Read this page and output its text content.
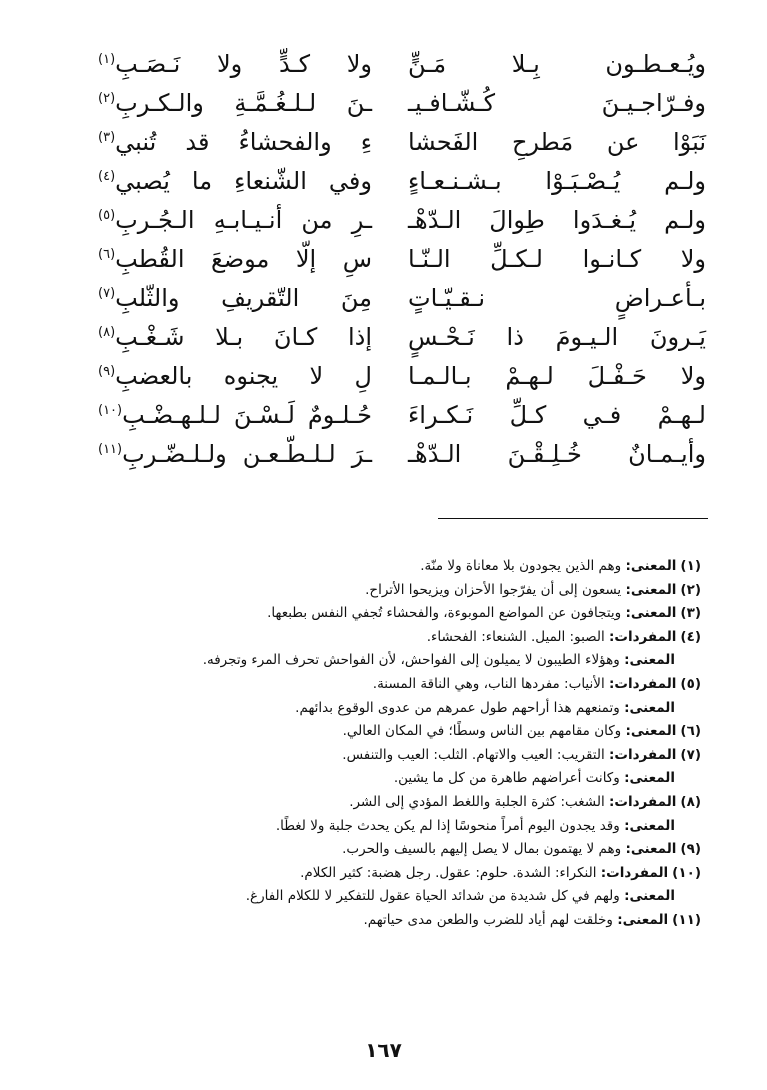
ويُـعـطـون بِـلا مَـنٍّ
ولا كـدٍّ ولا نَـصَـبِ$^{(١)}$
وفـرّاجـيـنَ كُـشّـافـيـ
ـنَ لـلـغُـمَّـةِ والـكـربِ$^{(٢)}$
نَبَوْا عن مَطرحِ الفَحشا
ءِ والفحشاءُ قد تُنبي$^{(٣)}$
ولـم يُـصْـبَـوْا بـشـنـعـاءٍ
وفي الشّنعاءِ ما يُصبي$^{(٤)}$
ولـم يُـغـدَوا طِوالَ الـدّهْـ
ـرِ من أنـيـابـهِ الـجُـربِ$^{(٥)}$
ولا كـانـوا لـكـلِّ الـنّـا
سِ إلّا موضعَ القُطبِ$^{(٦)}$
بـأعـراضٍ نـقـيّـاتٍ
مِنَ التّقريفِ والثّلبِ$^{(٧)}$
يَـرونَ الـيـومَ ذا نَـحْـسٍ
إذا كـانَ بـلا شَـغْـبِ$^{(٨)}$
ولا حَـفْـلَ لـهـمْ بـالـمـا
لِ لا يجنوه بالعضبِ$^{(٩)}$
لـهـمْ فـي كـلِّ نَـكـراءَ
حُـلـومٌ لَـسْـنَ لـلـهـضْـبِ$^{(١٠)}$
وأيـمـانٌ خُـلِـقْـنَ الـدّهْـ
ـرَ لـلـطّـعـن ولـلـضّـربِ$^{(١١)}$
(١)المعنى: وهم الذين يجودون بلا معاناة ولا منّة.
(٢)المعنى: يسعون إلى أن يفرّجوا الأحزان ويزيحوا الأتراح.
(٣)المعنى: ويتجافون عن المواضع الموبوءة، والفحشاء تُجفي النفس بطبعها.
(٤)المفردات: الصبو: الميل. الشنعاء: الفحشاء.
المعنى: وهؤلاء الطيبون لا يميلون إلى الفواحش، لأن الفواحش تحرف المرء وتجرفه.
(٥)المفردات: الأنياب: مفردها الناب، وهي الناقة المسنة.
المعنى: وتمنعهم هذا أراحهم طول عمرهم من عدوى الوقوع بدائهم.
(٦)المعنى: وكان مقامهم بين الناس وسطًا؛ في المكان العالي.
(٧)المفردات: التقريب: العيب والاتهام. الثلب: العيب والتنفس.
المعنى: وكانت أعراضهم طاهرة من كل ما يشين.
(٨)المفردات: الشغب: كثرة الجلبة واللغط المؤدي إلى الشر.
المعنى: وقد يجدون اليوم أمراً منحوسًا إذا لم يكن يحدث جلبة ولا لغطًا.
(٩)المعنى: وهم لا يهتمون بمال لا يصل إليهم بالسيف والحرب.
(١٠)المفردات: النكراء: الشدة. حلوم: عقول. رجل هضبة: كثير الكلام.
المعنى: ولهم في كل شديدة من شدائد الحياة عقول للتفكير لا للكلام الفارغ.
(١١)المعنى: وخلقت لهم أياد للضرب والطعن مدى حياتهم.
١٦٧
